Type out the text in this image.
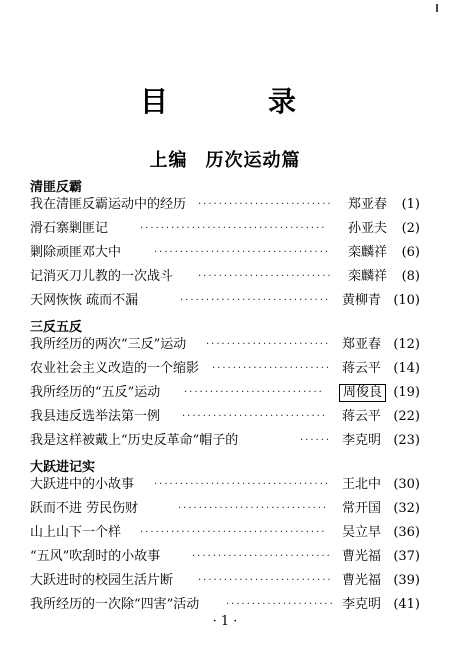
目	录
上编 历次运动篇
清匪反霸
我在清匪反霸运动中的经历 ··························	郑亚春 (1)
滑石寨剿匪记	····································	孙亚夫 (2)
剿除顽匪邓大中	··································	栾麟祥 (6)
记消灭刀儿教的一次战斗 ··························	栾麟祥 (8)
天网恢恢 疏而不漏	····························· 黄柳青 (10)
三反五反
我所经历的两次“三反”运动 ························ 郑亚春 (12)
农业社会主义改造的一个缩影 ······················· 蒋云平 (14)
我所经历的“五反”运动 ···························	周俊良 (19)
我县违反选举法第一例 ····························	蒋云平 (22)
我是这样被戴上“历史反革命”帽子的	······ 李克明 (23)
大跃进记实
大跃进中的小故事 ·································· 王北中 (30)
跃而不进 劳民伤财	·····························	常开国 (32)
山上山下一个样 ····································	吴立早 (36)
“五风”吹刮时的小故事	··························· 曹光福 (37)
大跃进时的校园生活片断 ·························· 曹光福 (39)
我所经历的一次除“四害”活动	····················· 李克明 (41)
· 1 ·
